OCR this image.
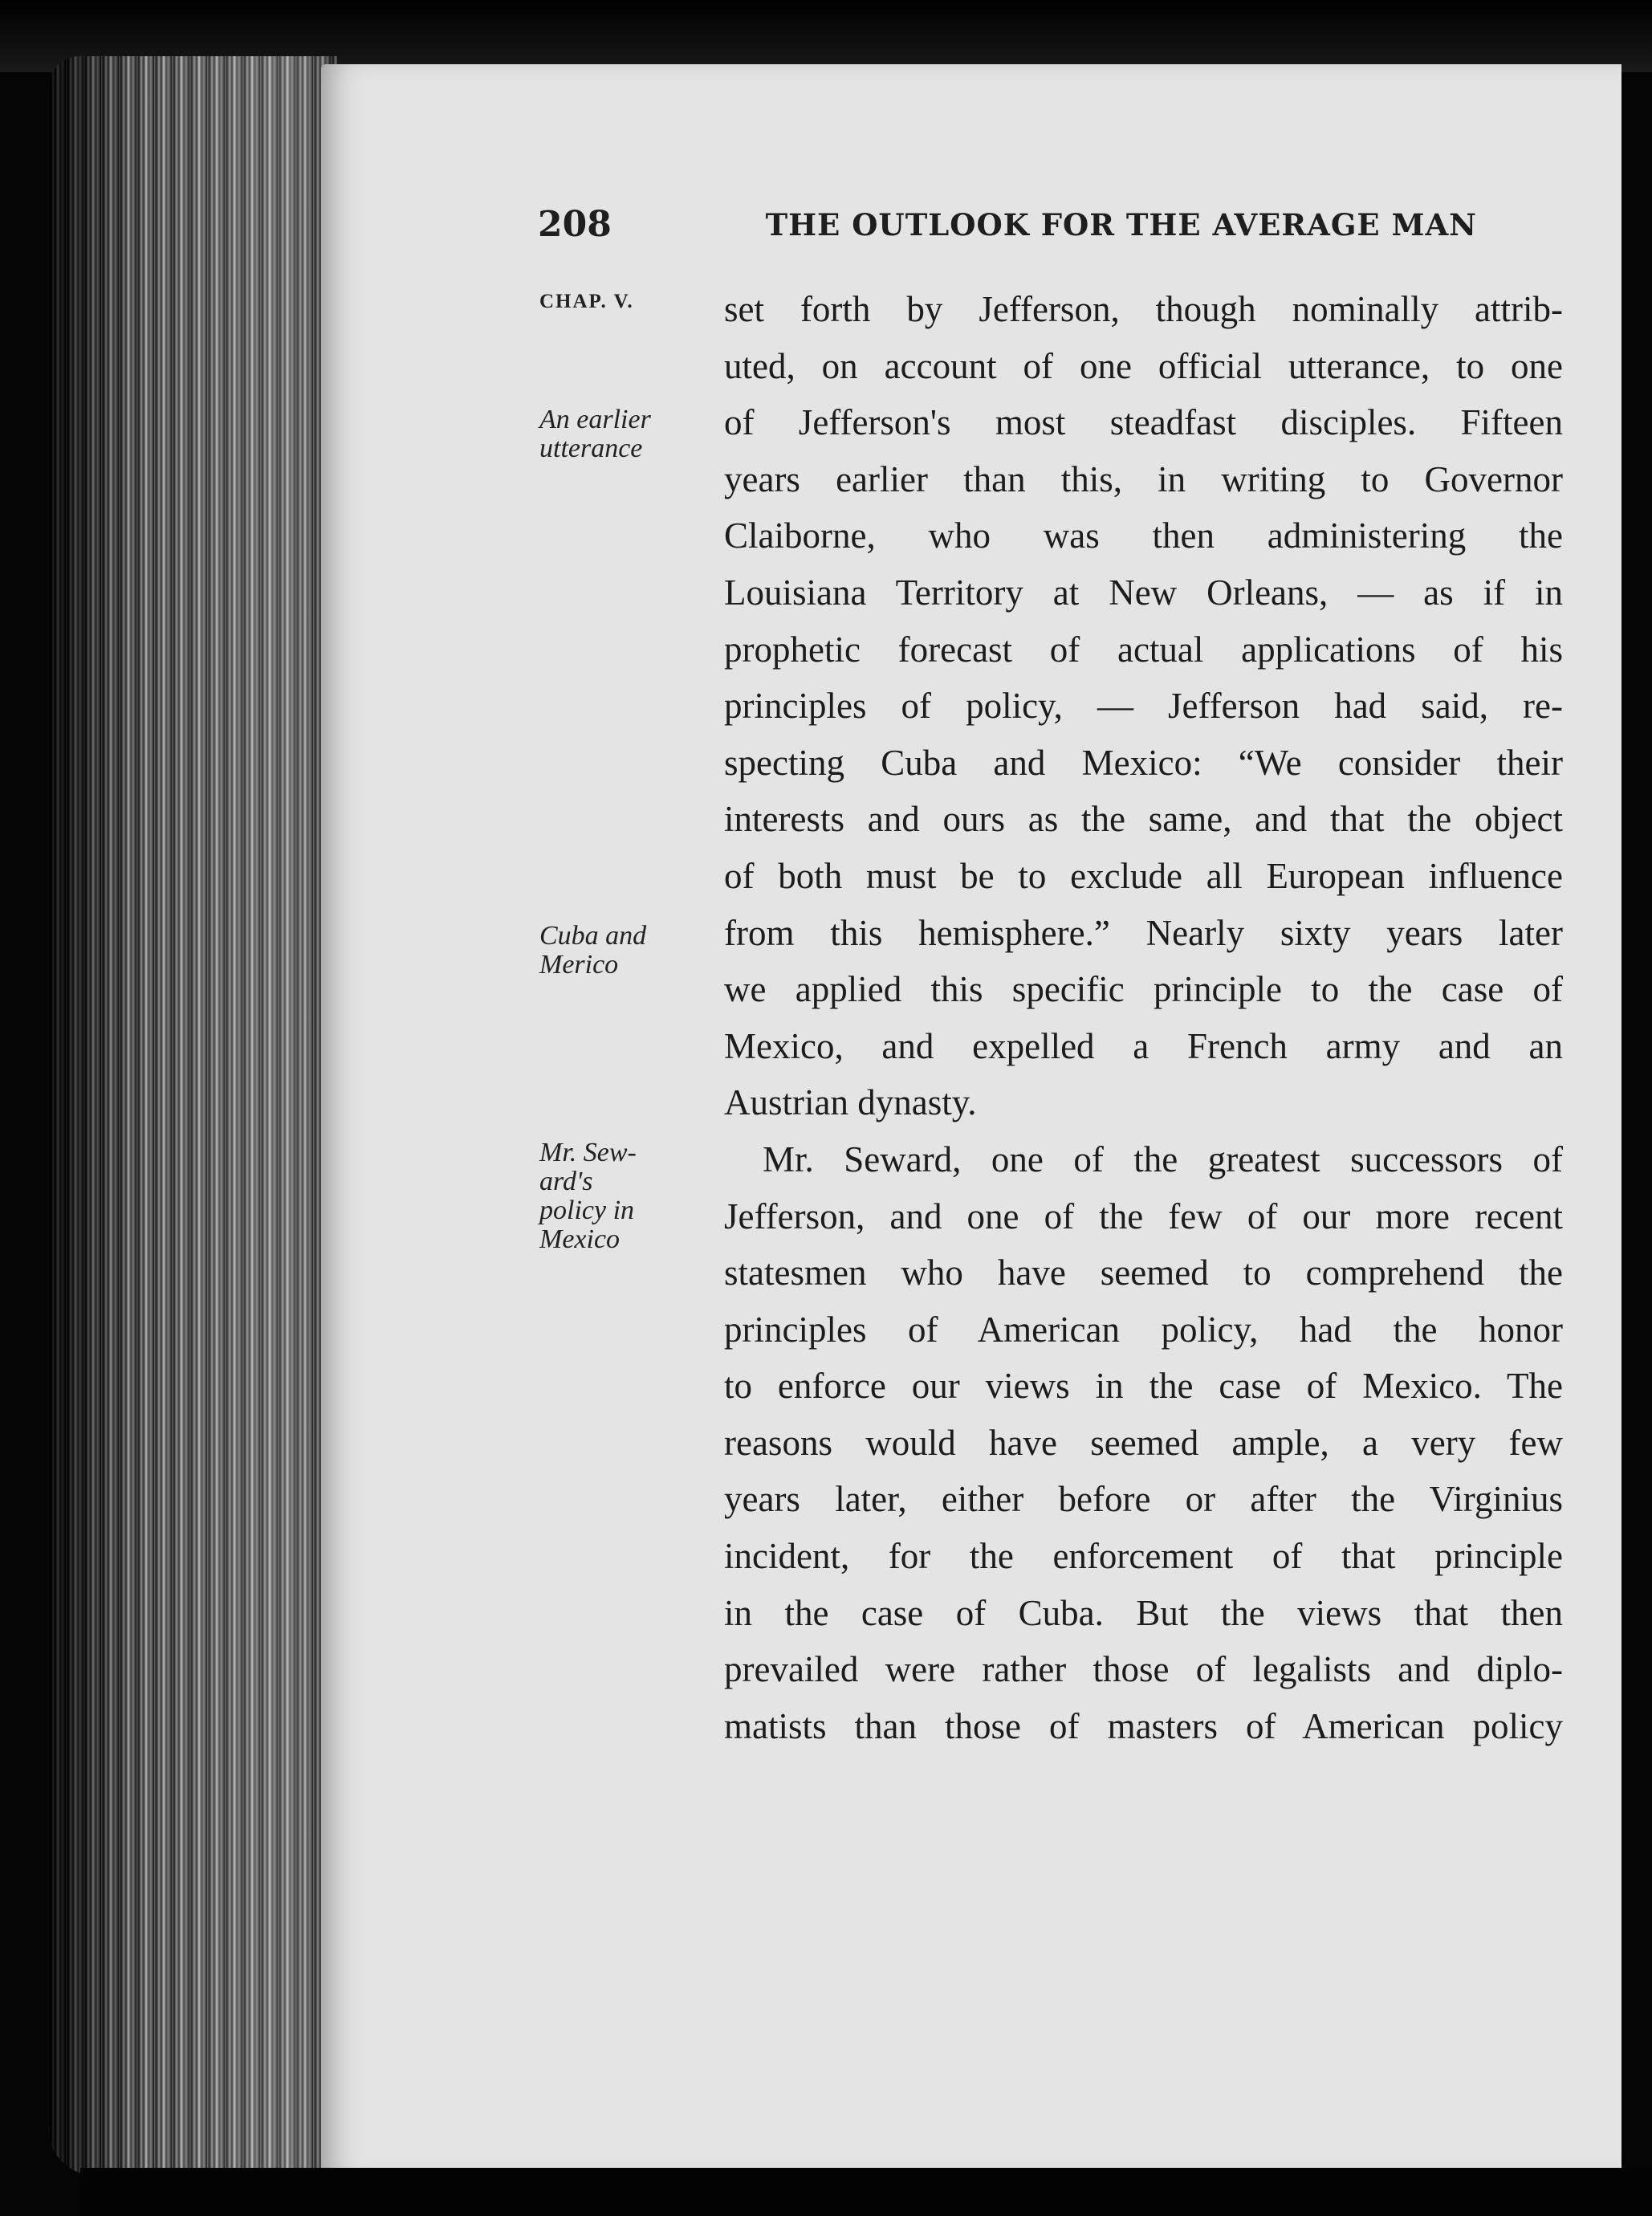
208	THE OUTLOOK FOR THE AVERAGE MAN
CHAP. V.
An earlier
utterance
Cuba and
Merico
Mr. Sew-
ard's
policy in
Mexico
set forth by Jefferson, though nominally attrib-
uted, on account of one official utterance, to one
of Jefferson's most steadfast disciples. Fifteen
years earlier than this, in writing to Governor
Claiborne, who was then administering the
Louisiana Territory at New Orleans, — as if in
prophetic forecast of actual applications of his
principles of policy, — Jefferson had said, re-
specting Cuba and Mexico: “We consider their
interests and ours as the same, and that the object
of both must be to exclude all European influence
from this hemisphere.” Nearly sixty years later
we applied this specific principle to the case of
Mexico, and expelled a French army and an
Austrian dynasty.
Mr. Seward, one of the greatest successors of
Jefferson, and one of the few of our more recent
statesmen who have seemed to comprehend the
principles of American policy, had the honor
to enforce our views in the case of Mexico. The
reasons would have seemed ample, a very few
years later, either before or after the Virginius
incident, for the enforcement of that principle
in the case of Cuba. But the views that then
prevailed were rather those of legalists and diplo-
matists than those of masters of American policy
